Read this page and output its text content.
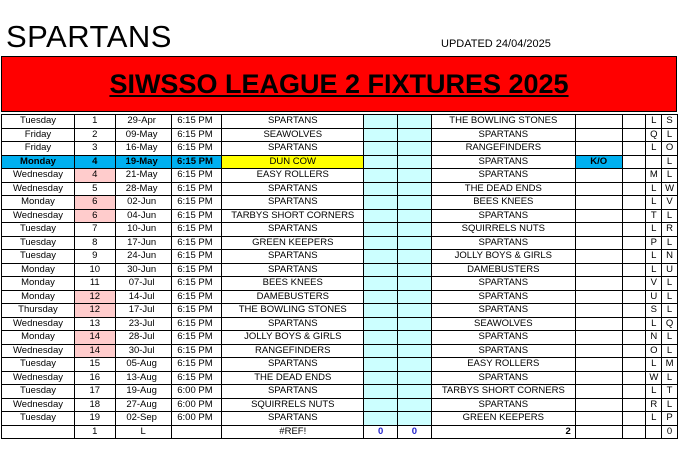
SPARTANS	UPDATED 24/04/2025
SIWSSO LEAGUE 2 FIXTURES 2025
Tuesday	1	29-Apr	6:15 PM	SPARTANS			THE BOWLING STONES			L	S
Friday	2	09-May	6:15 PM	SEAWOLVES			SPARTANS			Q	L
Friday	3	16-May	6:15 PM	SPARTANS			RANGEFINDERS			L	O
Monday	4	19-May	6:15 PM	DUN COW			SPARTANS	K/O			L
Wednesday	4	21-May	6:15 PM	EASY ROLLERS			SPARTANS			M	L
Wednesday	5	28-May	6:15 PM	SPARTANS			THE DEAD ENDS			L	W
Monday	6	02-Jun	6:15 PM	SPARTANS			BEES KNEES			L	V
Wednesday	6	04-Jun	6:15 PM	TARBYS SHORT CORNERS			SPARTANS			T	L
Tuesday	7	10-Jun	6:15 PM	SPARTANS			SQUIRRELS NUTS			L	R
Tuesday	8	17-Jun	6:15 PM	GREEN KEEPERS			SPARTANS			P	L
Tuesday	9	24-Jun	6:15 PM	SPARTANS			JOLLY BOYS & GIRLS			L	N
Monday	10	30-Jun	6:15 PM	SPARTANS			DAMEBUSTERS			L	U
Monday	11	07-Jul	6:15 PM	BEES KNEES			SPARTANS			V	L
Monday	12	14-Jul	6:15 PM	DAMEBUSTERS			SPARTANS			U	L
Thursday	12	17-Jul	6:15 PM	THE BOWLING STONES			SPARTANS			S	L
Wednesday	13	23-Jul	6:15 PM	SPARTANS			SEAWOLVES			L	Q
Monday	14	28-Jul	6:15 PM	JOLLY BOYS & GIRLS			SPARTANS			N	L
Wednesday	14	30-Jul	6:15 PM	RANGEFINDERS			SPARTANS			O	L
Tuesday	15	05-Aug	6:15 PM	SPARTANS			EASY ROLLERS			L	M
Wednesday	16	13-Aug	6:15 PM	THE DEAD ENDS			SPARTANS			W	L
Tuesday	17	19-Aug	6:00 PM	SPARTANS			TARBYS SHORT CORNERS			L	T
Wednesday	18	27-Aug	6:00 PM	SQUIRRELS NUTS			SPARTANS			R	L
Tuesday	19	02-Sep	6:00 PM	SPARTANS			GREEN KEEPERS			L	P
	1	L		#REF!	0	0	2				0
